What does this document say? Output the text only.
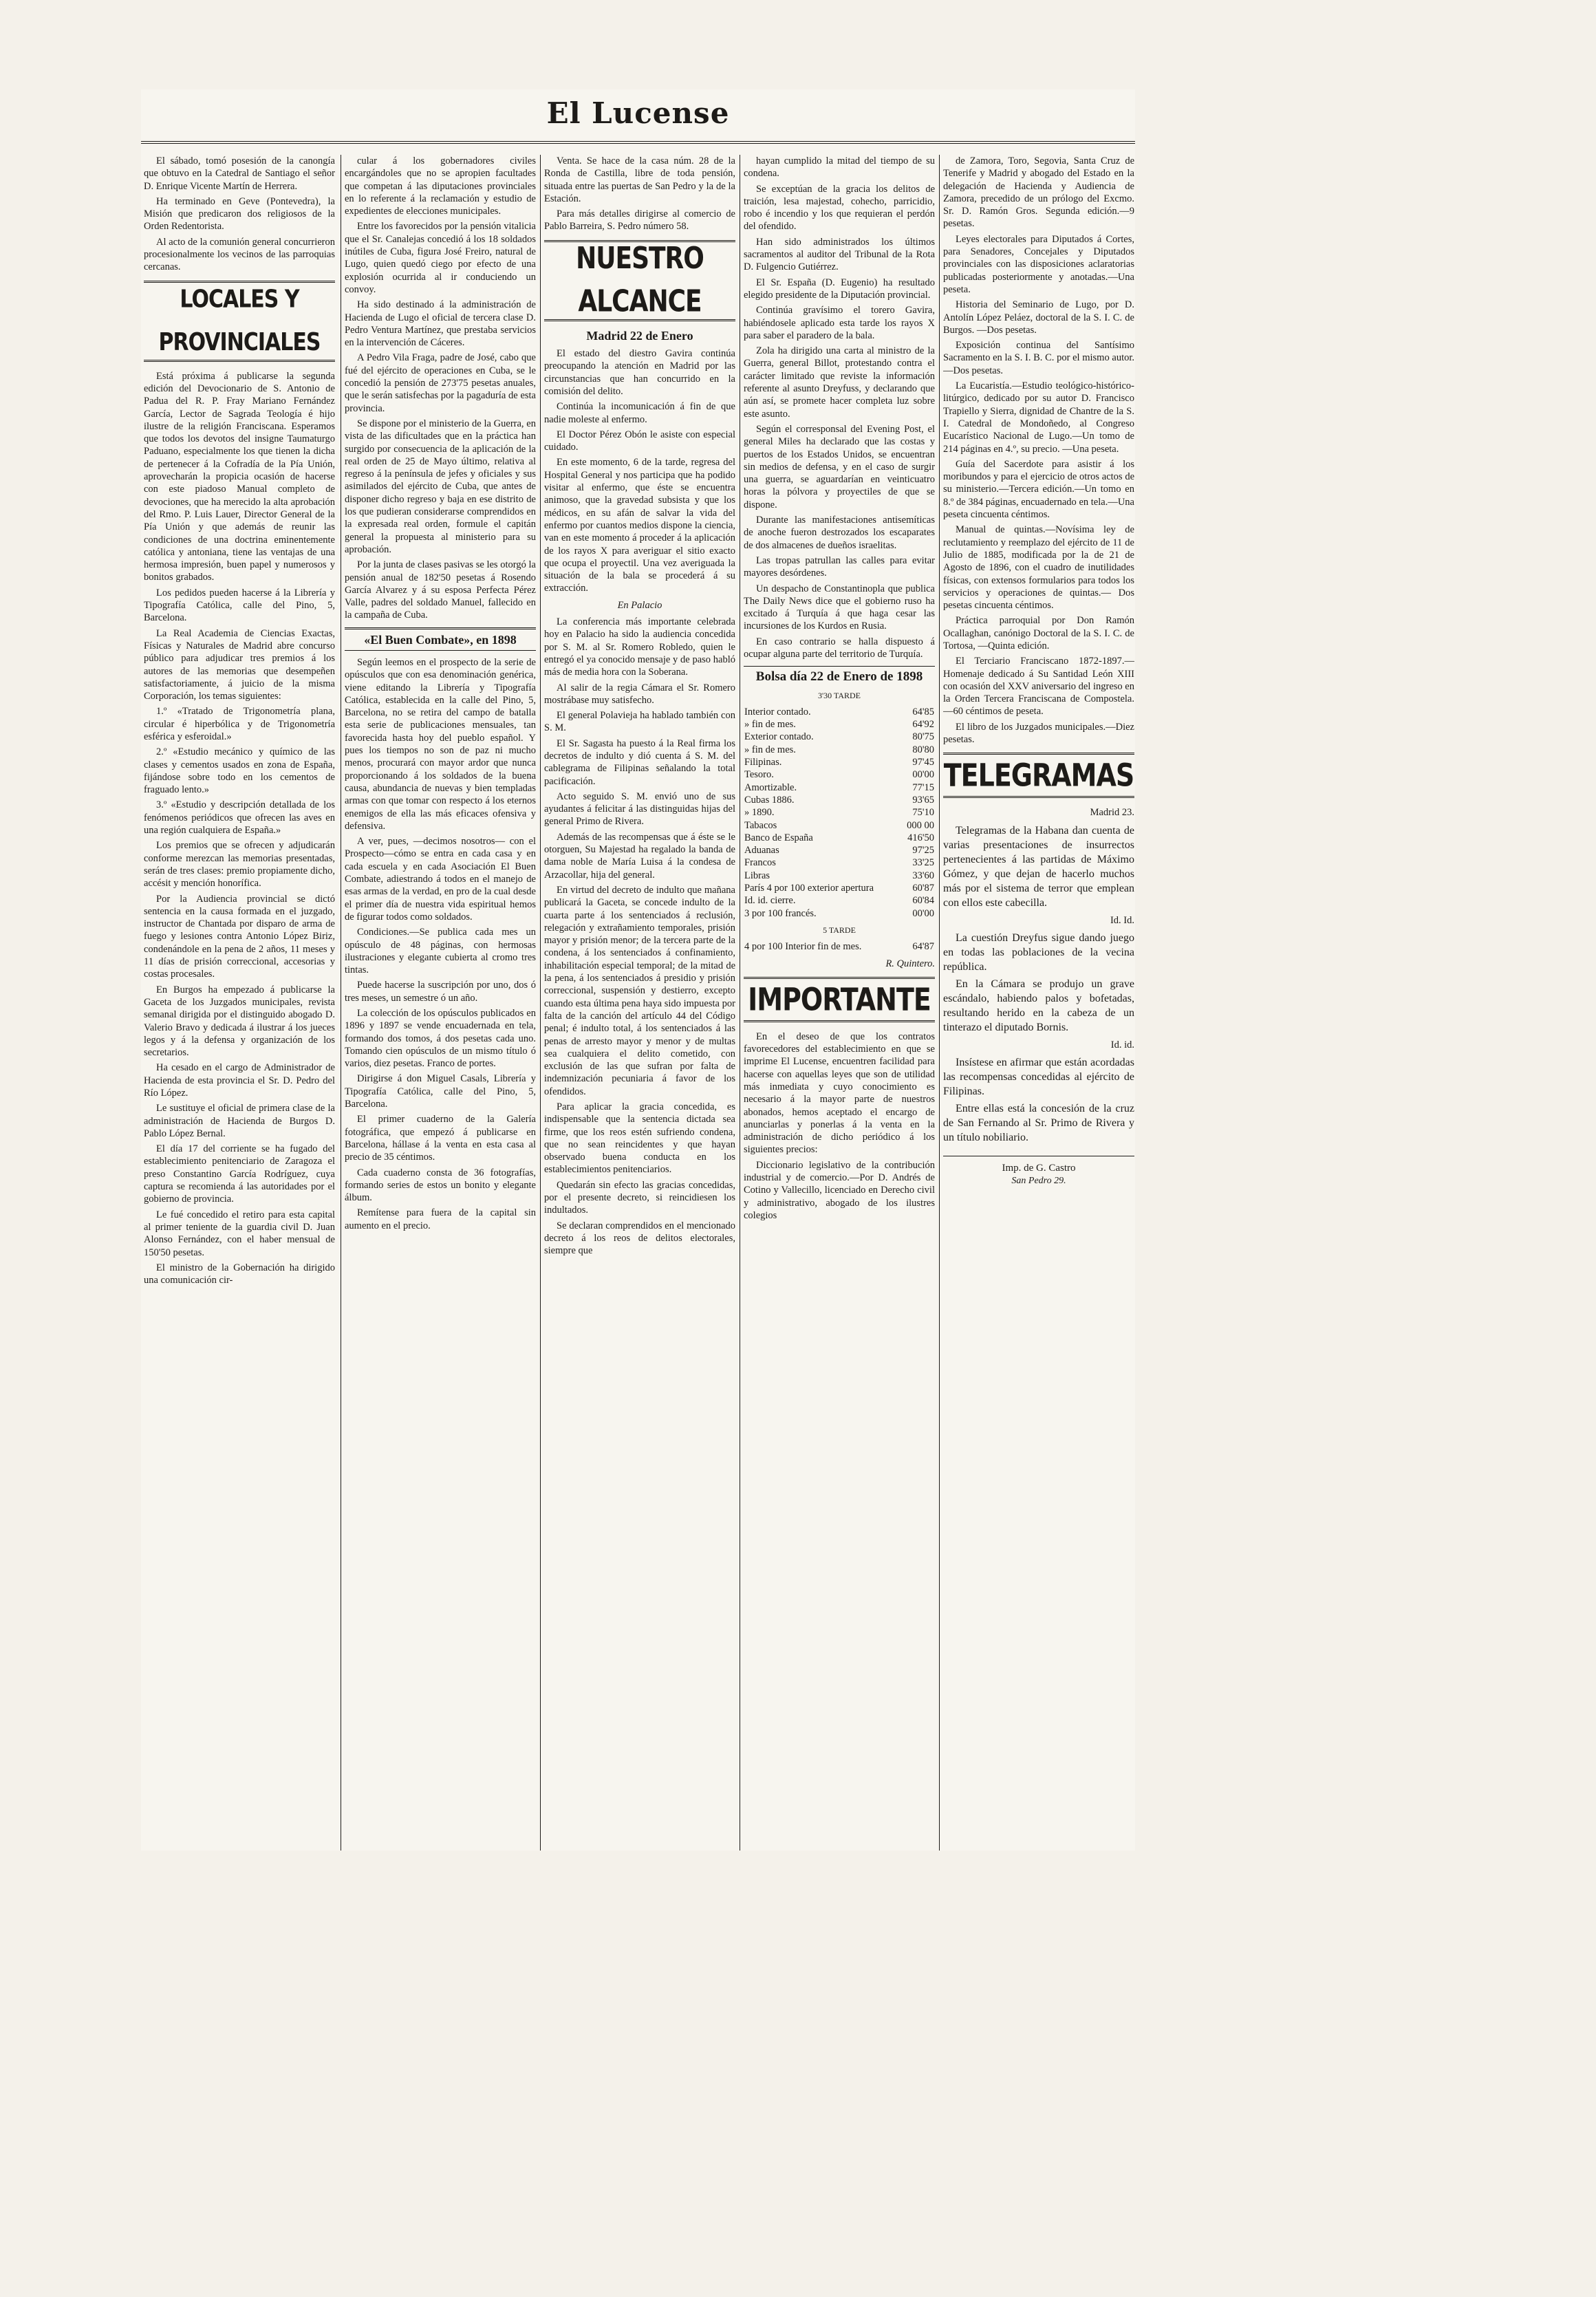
El Lucense

El sábado, tomó posesión de la canongía que obtuvo en la Catedral de Santiago el señor D. Enrique Vicente Martín de Herrera.

Ha terminado en Geve (Pontevedra), la Misión que predicaron dos religiosos de la Orden Redentorista.

Al acto de la comunión general concurrieron procesionalmente los vecinos de las parroquias cercanas.

LOCALES Y PROVINCIALES

Está próxima á publicarse la segunda edición del Devocionario de S. Antonio de Padua del R. P. Fray Mariano Fernández García, Lector de Sagrada Teología é hijo ilustre de la religión Franciscana. Esperamos que todos los devotos del insigne Taumaturgo Paduano, especialmente los que tienen la dicha de pertenecer á la Cofradía de la Pía Unión, aprovecharán la propicia ocasión de hacerse con este piadoso Manual completo de devociones, que ha merecido la alta aprobación del Rmo. P. Luis Lauer, Director General de la Pía Unión y que además de reunir las condiciones de una doctrina eminentemente católica y antoniana, tiene las ventajas de una hermosa impresión, buen papel y numerosos y bonitos grabados.

Los pedidos pueden hacerse á la Librería y Tipografía Católica, calle del Pino, 5, Barcelona.

La Real Academia de Ciencias Exactas, Físicas y Naturales de Madrid abre concurso público para adjudicar tres premios á los autores de las memorias que desempeñen satisfactoriamente, á juicio de la misma Corporación, los temas siguientes:

1.º «Tratado de Trigonometría plana, circular é hiperbólica y de Trigonometría esférica y esferoidal.»

2.º «Estudio mecánico y químico de las clases y cementos usados en zona de España, fijándose sobre todo en los cementos de fraguado lento.»

3.º «Estudio y descripción detallada de los fenómenos periódicos que ofrecen las aves en una región cualquiera de España.»

Los premios que se ofrecen y adjudicarán conforme merezcan las memorias presentadas, serán de tres clases: premio propiamente dicho, accésit y mención honorífica.

Por la Audiencia provincial se dictó sentencia en la causa formada en el juzgado, instructor de Chantada por disparo de arma de fuego y lesiones contra Antonio López Biriz, condenándole en la pena de 2 años, 11 meses y 11 días de prisión correccional, accesorias y costas procesales.

En Burgos ha empezado á publicarse la Gaceta de los Juzgados municipales, revista semanal dirigida por el distinguido abogado D. Valerio Bravo y dedicada á ilustrar á los jueces legos y á la defensa y organización de los secretarios.

Ha cesado en el cargo de Administrador de Hacienda de esta provincia el Sr. D. Pedro del Río López.

Le sustituye el oficial de primera clase de la administración de Hacienda de Burgos D. Pablo López Bernal.

El día 17 del corriente se ha fugado del establecimiento penitenciario de Zaragoza el preso Constantino García Rodríguez, cuya captura se recomienda á las autoridades por el gobierno de provincia.

Le fué concedido el retiro para esta capital al primer teniente de la guardia civil D. Juan Alonso Fernández, con el haber mensual de 150'50 pesetas.

El ministro de la Gobernación ha dirigido una comunicación cir-

cular á los gobernadores civiles encargándoles que no se apropien facultades que competan á las diputaciones provinciales en lo referente á la reclamación y estudio de expedientes de elecciones municipales.

Entre los favorecidos por la pensión vitalicia que el Sr. Canalejas concedió á los 18 soldados inútiles de Cuba, figura José Freiro, natural de Lugo, quien quedó ciego por efecto de una explosión ocurrida al ir conduciendo un convoy.

Ha sido destinado á la administración de Hacienda de Lugo el oficial de tercera clase D. Pedro Ventura Martínez, que prestaba servicios en la intervención de Cáceres.

A Pedro Vila Fraga, padre de José, cabo que fué del ejército de operaciones en Cuba, se le concedió la pensión de 273'75 pesetas anuales, que le serán satisfechas por la pagaduría de esta provincia.

Se dispone por el ministerio de la Guerra, en vista de las dificultades que en la práctica han surgido por consecuencia de la aplicación de la real orden de 25 de Mayo último, relativa al regreso á la península de jefes y oficiales y sus asimilados del ejército de Cuba, que antes de disponer dicho regreso y baja en ese distrito de los que pudieran considerarse comprendidos en la expresada real orden, formule el capitán general la propuesta al ministerio para su aprobación.

Por la junta de clases pasivas se les otorgó la pensión anual de 182'50 pesetas á Rosendo García Alvarez y á su esposa Perfecta Pérez Valle, padres del soldado Manuel, fallecido en la campaña de Cuba.

«El Buen Combate», en 1898

Según leemos en el prospecto de la serie de opúsculos que con esa denominación genérica, viene editando la Librería y Tipografía Católica, establecida en la calle del Pino, 5, Barcelona, no se retira del campo de batalla esta serie de publicaciones mensuales, tan favorecida hasta hoy del pueblo español. Y pues los tiempos no son de paz ni mucho menos, procurará con mayor ardor que nunca proporcionando á los soldados de la buena causa, abundancia de nuevas y bien templadas armas con que tomar con respecto á los eternos enemigos de ella las más eficaces ofensiva y defensiva.

A ver, pues, —decimos nosotros— con el Prospecto—cómo se entra en cada casa y en cada escuela y en cada Asociación El Buen Combate, adiestrando á todos en el manejo de esas armas de la verdad, en pro de la cual desde el primer día de nuestra vida espiritual hemos de figurar todos como soldados.

Condiciones.—Se publica cada mes un opúsculo de 48 páginas, con hermosas ilustraciones y elegante cubierta al cromo tres tintas.

Puede hacerse la suscripción por uno, dos ó tres meses, un semestre ó un año.

La colección de los opúsculos publicados en 1896 y 1897 se vende encuadernada en tela, formando dos tomos, á dos pesetas cada uno. Tomando cien opúsculos de un mismo título ó varios, diez pesetas. Franco de portes.

Dirigirse á don Miguel Casals, Librería y Tipografía Católica, calle del Pino, 5, Barcelona.

El primer cuaderno de la Galería fotográfica, que empezó á publicarse en Barcelona, hállase á la venta en esta casa al precio de 35 céntimos.

Cada cuaderno consta de 36 fotografías, formando series de estos un bonito y elegante álbum.

Remítense para fuera de la capital sin aumento en el precio.

Venta. Se hace de la casa núm. 28 de la Ronda de Castilla, libre de toda pensión, situada entre las puertas de San Pedro y la de la Estación.

Para más detalles dirigirse al comercio de Pablo Barreira, S. Pedro número 58.

NUESTRO ALCANCE
Madrid 22 de Enero

El estado del diestro Gavira continúa preocupando la atención en Madrid por las circunstancias que han concurrido en la comisión del delito.

Continúa la incomunicación á fin de que nadie moleste al enfermo.

El Doctor Pérez Obón le asiste con especial cuidado.

En este momento, 6 de la tarde, regresa del Hospital General y nos participa que ha podido visitar al enfermo, que éste se encuentra animoso, que la gravedad subsista y que los médicos, en su afán de salvar la vida del enfermo por cuantos medios dispone la ciencia, van en este momento á proceder á la aplicación de los rayos X para averiguar el sitio exacto que ocupa el proyectil. Una vez averiguada la situación de la bala se procederá á su extracción.

En Palacio

La conferencia más importante celebrada hoy en Palacio ha sido la audiencia concedida por S. M. al Sr. Romero Robledo, quien le entregó el ya conocido mensaje y de paso habló más de media hora con la Soberana.

Al salir de la regia Cámara el Sr. Romero mostrábase muy satisfecho.

El general Polavieja ha hablado también con S. M.

El Sr. Sagasta ha puesto á la Real firma los decretos de indulto y dió cuenta á S. M. del cablegrama de Filipinas señalando la total pacificación.

Acto seguido S. M. envió uno de sus ayudantes á felicitar á las distinguidas hijas del general Primo de Rivera.

Además de las recompensas que á éste se le otorguen, Su Majestad ha regalado la banda de dama noble de María Luisa á la condesa de Arzacollar, hija del general.

En virtud del decreto de indulto que mañana publicará la Gaceta, se concede indulto de la cuarta parte á los sentenciados á reclusión, relegación y extrañamiento temporales, prisión mayor y prisión menor; de la tercera parte de la condena, á los sentenciados á confinamiento, inhabilitación especial temporal; de la mitad de la pena, á los sentenciados á presidio y prisión correccional, suspensión y destierro, excepto cuando esta última pena haya sido impuesta por falta de la canción del artículo 44 del Código penal; é indulto total, á los sentenciados á las penas de arresto mayor y menor y de multas sea cualquiera el delito cometido, con exclusión de las que sufran por falta de indemnización pecuniaria á favor de los ofendidos.

Para aplicar la gracia concedida, es indispensable que la sentencia dictada sea firme, que los reos estén sufriendo condena, que no sean reincidentes y que hayan observado buena conducta en los establecimientos penitenciarios.

Quedarán sin efecto las gracias concedidas, por el presente decreto, si reincidiesen los indultados.

Se declaran comprendidos en el mencionado decreto á los reos de delitos electorales, siempre que

hayan cumplido la mitad del tiempo de su condena.

Se exceptúan de la gracia los delitos de traición, lesa majestad, cohecho, parricidio, robo é incendio y los que requieran el perdón del ofendido.

Han sido administrados los últimos sacramentos al auditor del Tribunal de la Rota D. Fulgencio Gutiérrez.

El Sr. España (D. Eugenio) ha resultado elegido presidente de la Diputación provincial.

Continúa gravísimo el torero Gavira, habiéndosele aplicado esta tarde los rayos X para saber el paradero de la bala.

Zola ha dirigido una carta al ministro de la Guerra, general Billot, protestando contra el carácter limitado que reviste la información referente al asunto Dreyfuss, y declarando que aún así, se promete hacer completa luz sobre este asunto.

Según el corresponsal del Evening Post, el general Miles ha declarado que las costas y puertos de los Estados Unidos, se encuentran sin medios de defensa, y en el caso de surgir una guerra, se aguardarían en veinticuatro horas la pólvora y proyectiles de que se dispone.

Durante las manifestaciones antisemíticas de anoche fueron destrozados los escaparates de dos almacenes de dueños israelitas.

Las tropas patrullan las calles para evitar mayores desórdenes.

Un despacho de Constantinopla que publica The Daily News dice que el gobierno ruso ha excitado á Turquía á que haga cesar las incursiones de los Kurdos en Rusia.

En caso contrario se halla dispuesto á ocupar alguna parte del territorio de Turquía.

Bolsa día 22 de Enero de 1898
3'30 TARDE
Interior contado.	64'85
» fin de mes.	64'92
Exterior contado.	80'75
» fin de mes.	80'80
Filipinas.	97'45
Tesoro.	00'00
Amortizable.	77'15
Cubas 1886.	93'65
» 1890.	75'10
Tabacos	000 00
Banco de España	416'50
Aduanas	97'25
Francos	33'25
Libras	33'60
París 4 por 100 exterior apertura	60'87
Id. id. cierre.	60'84
3 por 100 francés.	00'00
5 TARDE
4 por 100 Interior fin de mes.	64'87
R. Quintero.
IMPORTANTE

En el deseo de que los contratos favorecedores del establecimiento en que se imprime El Lucense, encuentren facilidad para hacerse con aquellas leyes que son de utilidad más inmediata y cuyo conocimiento es necesario á la mayor parte de nuestros abonados, hemos aceptado el encargo de anunciarlas y ponerlas á la venta en la administración de dicho periódico á los siguientes precios:

Diccionario legislativo de la contribución industrial y de comercio.—Por D. Andrés de Cotino y Vallecillo, licenciado en Derecho civil y administrativo, abogado de los ilustres colegios

de Zamora, Toro, Segovia, Santa Cruz de Tenerife y Madrid y abogado del Estado en la delegación de Hacienda y Audiencia de Zamora, precedido de un prólogo del Excmo. Sr. D. Ramón Gros. Segunda edición.—9 pesetas.

Leyes electorales para Diputados á Cortes, para Senadores, Concejales y Diputados provinciales con las disposiciones aclaratorias publicadas posteriormente y anotadas.—Una peseta.

Historia del Seminario de Lugo, por D. Antolín López Peláez, doctoral de la S. I. C. de Burgos. —Dos pesetas.

Exposición continua del Santísimo Sacramento en la S. I. B. C. por el mismo autor.—Dos pesetas.

La Eucaristía.—Estudio teológico-histórico-litúrgico, dedicado por su autor D. Francisco Trapiello y Sierra, dignidad de Chantre de la S. I. Catedral de Mondoñedo, al Congreso Eucarístico Nacional de Lugo.—Un tomo de 214 páginas en 4.º, su precio. —Una peseta.

Guía del Sacerdote para asistir á los moribundos y para el ejercicio de otros actos de su ministerio.—Tercera edición.—Un tomo en 8.º de 384 páginas, encuadernado en tela.—Una peseta cincuenta céntimos.

Manual de quintas.—Novísima ley de reclutamiento y reemplazo del ejército de 11 de Julio de 1885, modificada por la de 21 de Agosto de 1896, con el cuadro de inutilidades físicas, con extensos formularios para todos los servicios y operaciones de quintas.— Dos pesetas cincuenta céntimos.

Práctica parroquial por Don Ramón Ocallaghan, canónigo Doctoral de la S. I. C. de Tortosa, —Quinta edición.

El Terciario Franciscano 1872-1897.—Homenaje dedicado á Su Santidad León XIII con ocasión del XXV aniversario del ingreso en la Orden Tercera Franciscana de Compostela.—60 céntimos de peseta.

El libro de los Juzgados municipales.—Diez pesetas.

TELEGRAMAS
Madrid 23.

Telegramas de la Habana dan cuenta de varias presentaciones de insurrectos pertenecientes á las partidas de Máximo Gómez, y que dejan de hacerlo muchos más por el sistema de terror que emplean con ellos este cabecilla.

Id. Id.

La cuestión Dreyfus sigue dando juego en todas las poblaciones de la vecina república.

En la Cámara se produjo un grave escándalo, habiendo palos y bofetadas, resultando herido en la cabeza de un tinterazo el diputado Bornis.

Id. id.

Insístese en afirmar que están acordadas las recompensas concedidas al ejército de Filipinas.

Entre ellas está la concesión de la cruz de San Fernando al Sr. Primo de Rivera y un título nobiliario.

Imp. de G. Castro
San Pedro 29.
